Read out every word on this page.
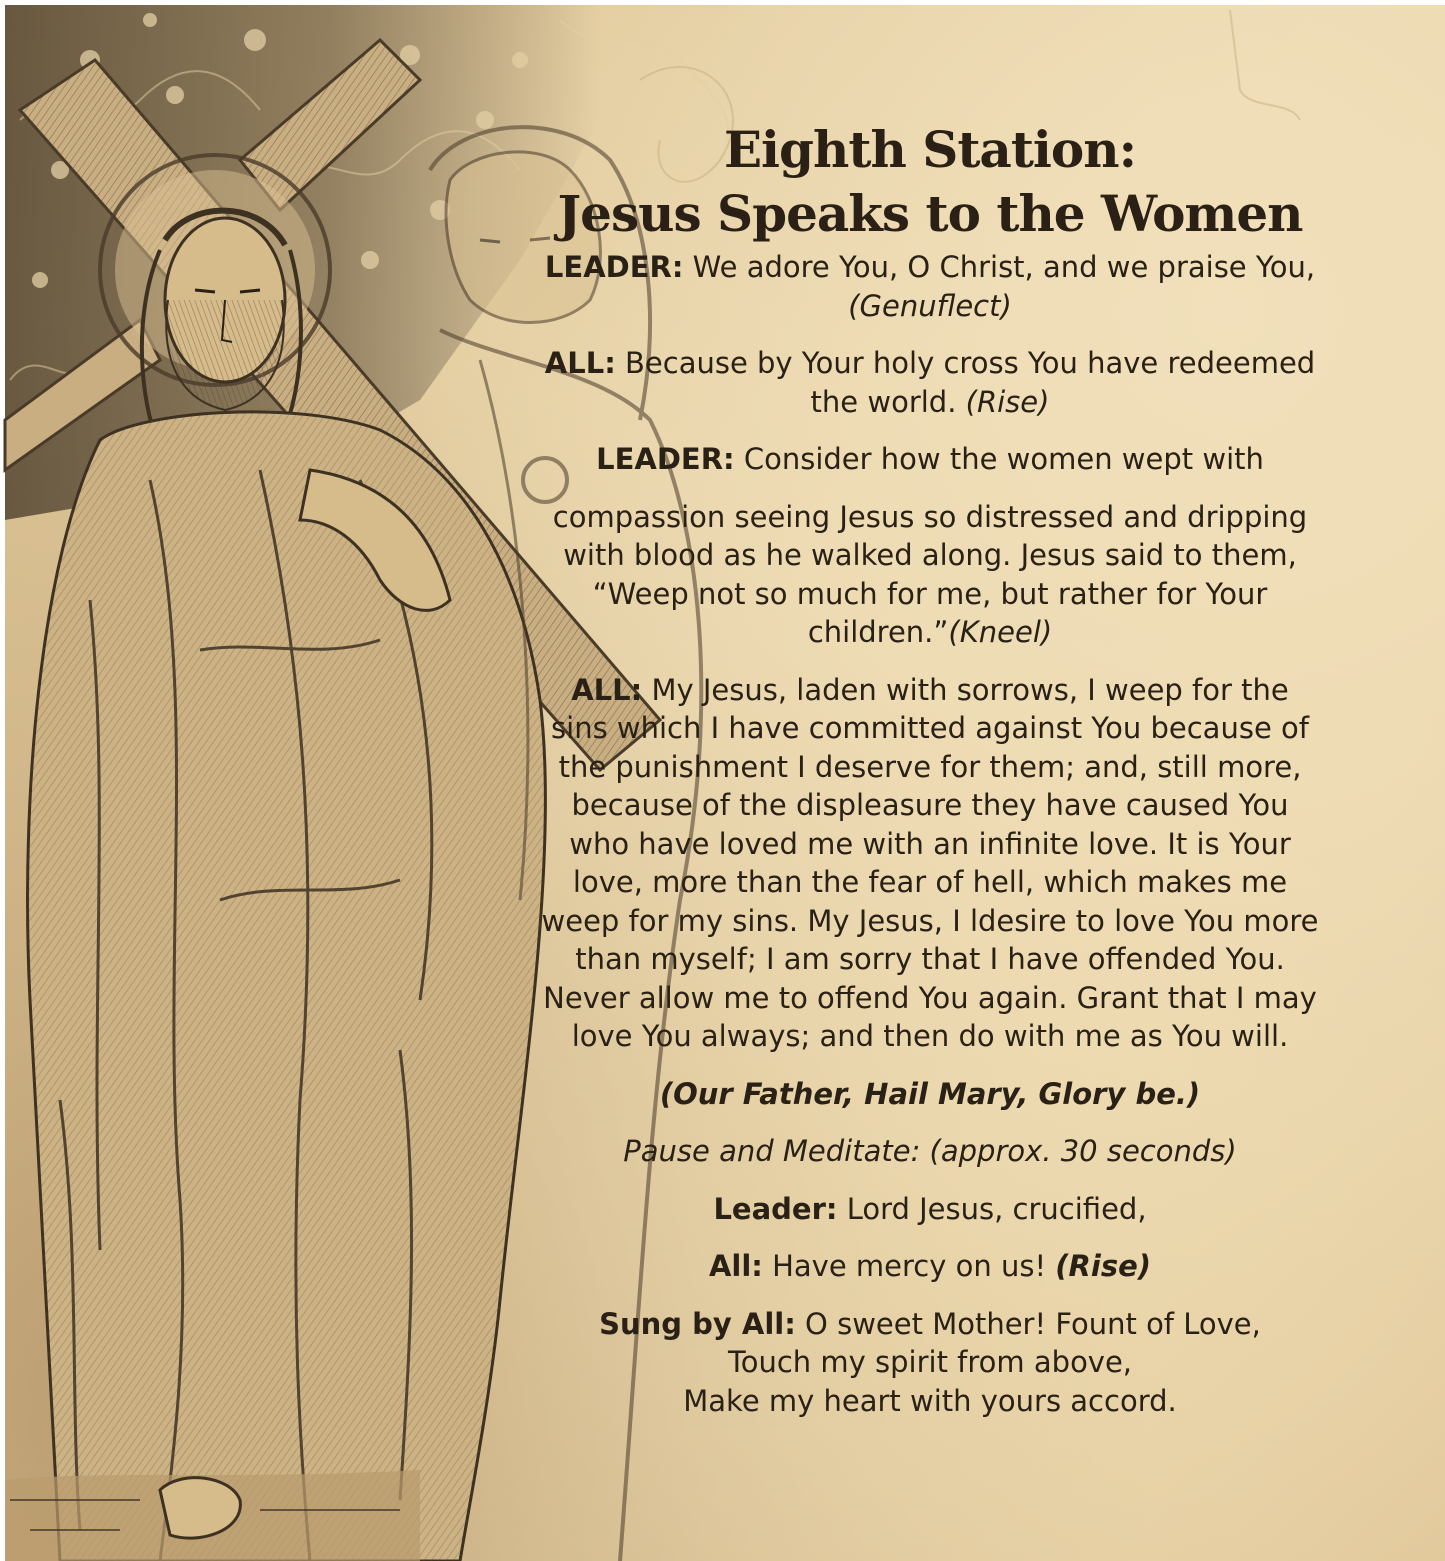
Eighth Station:
Jesus Speaks to the Women

LEADER: We adore You, O Christ, and we praise You,
(Genuflect)

ALL: Because by Your holy cross You have redeemed
the world. (Rise)

LEADER: Consider how the women wept with

compassion seeing Jesus so distressed and dripping
with blood as he walked along. Jesus said to them,
“Weep not so much for me, but rather for Your
children.”(Kneel)

ALL: My Jesus, laden with sorrows, I weep for the
sins which I have committed against You because of
the punishment I deserve for them; and, still more,
because of the displeasure they have caused You
who have loved me with an infinite love. It is Your
love, more than the fear of hell, which makes me
weep for my sins. My Jesus, I ldesire to love You more
than myself; I am sorry that I have offended You.
Never allow me to offend You again. Grant that I may
love You always; and then do with me as You will.

(Our Father, Hail Mary, Glory be.)

Pause and Meditate: (approx. 30 seconds)

Leader: Lord Jesus, crucified,

All: Have mercy on us! (Rise)

Sung by All: O sweet Mother! Fount of Love,
Touch my spirit from above,
Make my heart with yours accord.
